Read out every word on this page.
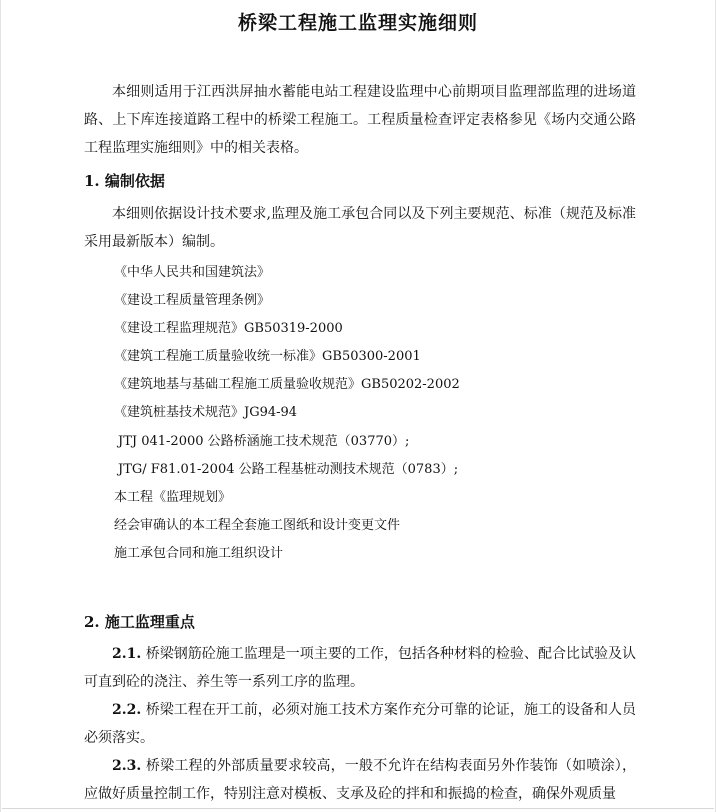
桥梁工程施工监理实施细则
本细则适用于江西洪屏抽水蓄能电站工程建设监理中心前期项目监理部监理的进场道路、上下库连接道路工程中的桥梁工程施工。工程质量检查评定表格参见《场内交通公路工程监理实施细则》中的相关表格。
1. 编制依据
本细则依据设计技术要求,监理及施工承包合同以及下列主要规范、标准（规范及标准采用最新版本）编制。
《中华人民共和国建筑法》
《建设工程质量管理条例》
《建设工程监理规范》GB50319-2000
《建筑工程施工质量验收统一标准》GB50300-2001
《建筑地基与基础工程施工质量验收规范》GB50202-2002
《建筑桩基技术规范》JG94-94
JTJ 041-2000 公路桥涵施工技术规范（03770）;
JTG/ F81.01-2004 公路工程基桩动测技术规范（0783）;
本工程《监理规划》
经会审确认的本工程全套施工图纸和设计变更文件
施工承包合同和施工组织设计
2. 施工监理重点
2.1. 桥梁钢筋砼施工监理是一项主要的工作，包括各种材料的检验、配合比试验及认可直到砼的浇注、养生等一系列工序的监理。
2.2. 桥梁工程在开工前，必须对施工技术方案作充分可靠的论证，施工的设备和人员必须落实。
2.3. 桥梁工程的外部质量要求较高，一般不允许在结构表面另外作装饰（如喷涂），应做好质量控制工作，特别注意对模板、支承及砼的拌和和振捣的检查，确保外观质量
